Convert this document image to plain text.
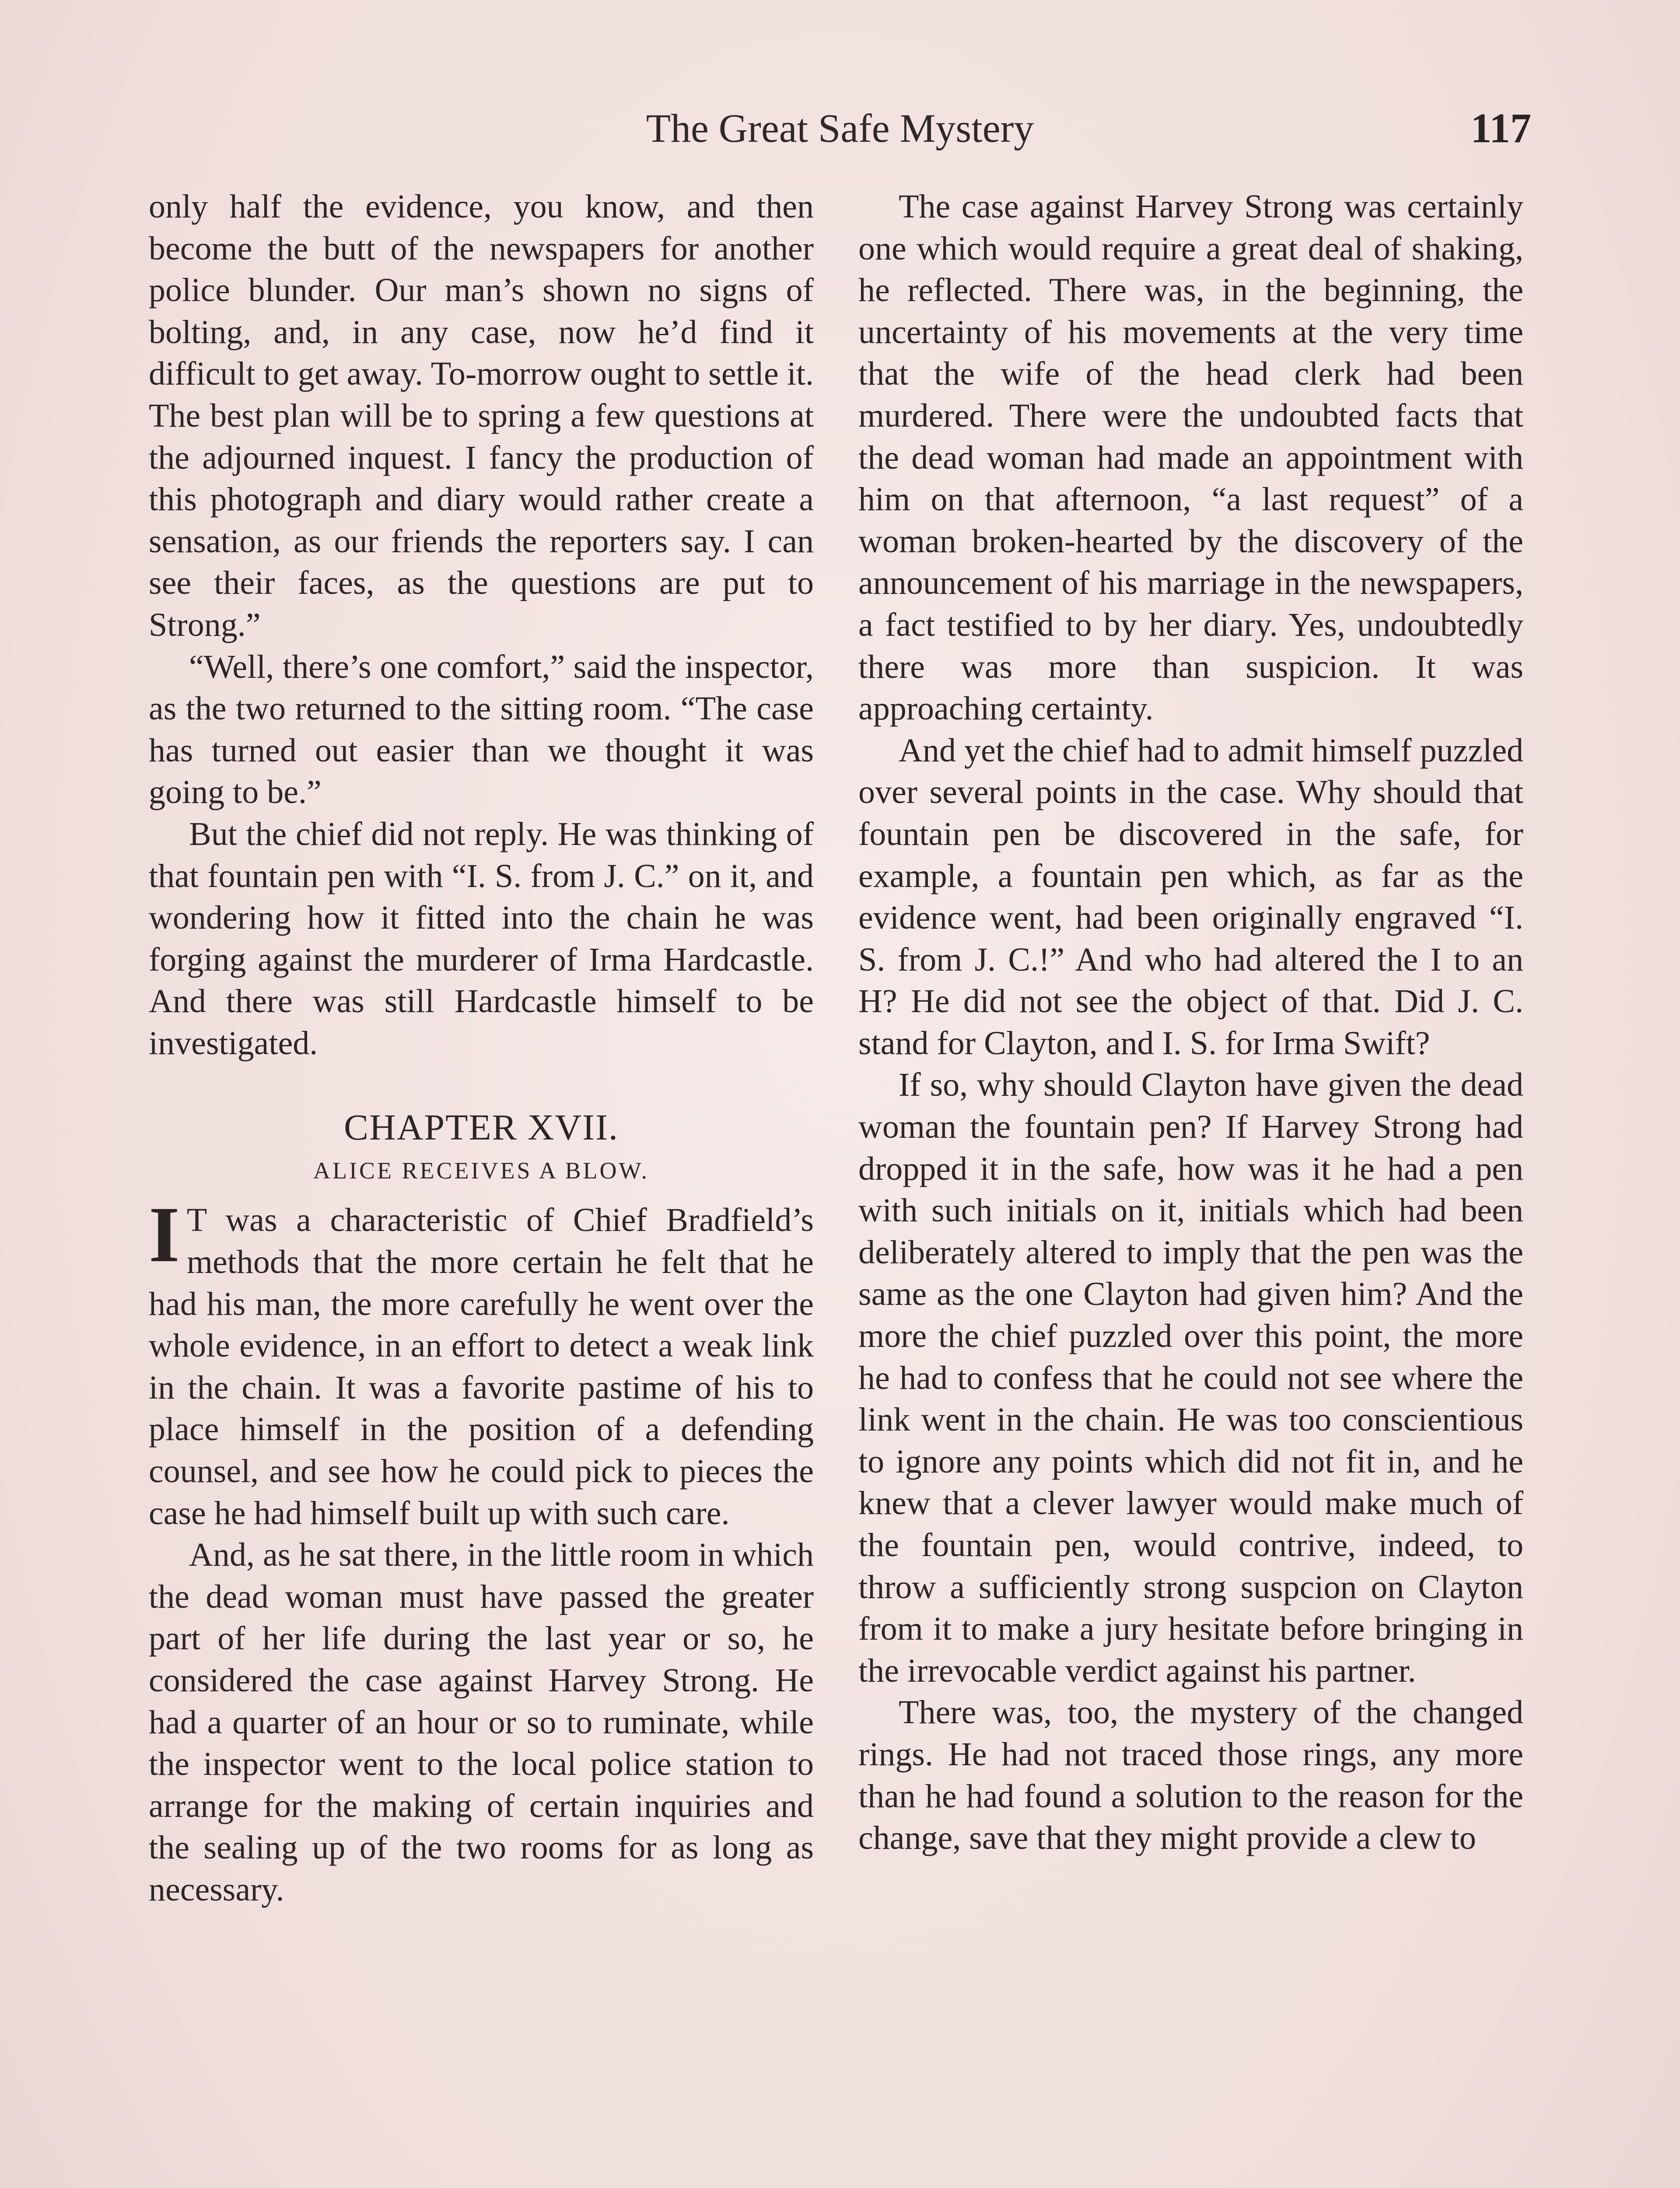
The Great Safe Mystery	117

only half the evidence, you know, and then become the butt of the newspapers for another police blunder. Our man’s shown no signs of bolting, and, in any case, now he’d find it difficult to get away. To-morrow ought to settle it. The best plan will be to spring a few questions at the adjourned inquest. I fancy the production of this photograph and diary would rather create a sensation, as our friends the reporters say. I can see their faces, as the questions are put to Strong.”

“Well, there’s one comfort,” said the inspector, as the two returned to the sitting room. “The case has turned out easier than we thought it was going to be.”

But the chief did not reply. He was thinking of that fountain pen with “I. S. from J. C.” on it, and wondering how it fitted into the chain he was forging against the murderer of Irma Hardcastle. And there was still Hardcastle himself to be investigated.

CHAPTER XVII.
ALICE RECEIVES A BLOW.

I T was a characteristic of Chief Bradfield’s methods that the more certain he felt that he had his man, the more carefully he went over the whole evidence, in an effort to detect a weak link in the chain. It was a favorite pastime of his to place himself in the position of a defending counsel, and see how he could pick to pieces the case he had himself built up with such care.

And, as he sat there, in the little room in which the dead woman must have passed the greater part of her life during the last year or so, he considered the case against Harvey Strong. He had a quarter of an hour or so to ruminate, while the inspector went to the local police station to arrange for the making of certain inquiries and the sealing up of the two rooms for as long as necessary.

The case against Harvey Strong was certainly one which would require a great deal of shaking, he reflected. There was, in the beginning, the uncertainty of his movements at the very time that the wife of the head clerk had been murdered. There were the undoubted facts that the dead woman had made an appointment with him on that afternoon, “a last request” of a woman broken-hearted by the discovery of the announcement of his marriage in the newspapers, a fact testified to by her diary. Yes, undoubtedly there was more than suspicion. It was approaching certainty.

And yet the chief had to admit himself puzzled over several points in the case. Why should that fountain pen be discovered in the safe, for example, a fountain pen which, as far as the evidence went, had been originally engraved “I. S. from J. C.!” And who had altered the I to an H? He did not see the object of that. Did J. C. stand for Clayton, and I. S. for Irma Swift?

If so, why should Clayton have given the dead woman the fountain pen? If Harvey Strong had dropped it in the safe, how was it he had a pen with such initials on it, initials which had been deliberately altered to imply that the pen was the same as the one Clayton had given him? And the more the chief puzzled over this point, the more he had to confess that he could not see where the link went in the chain. He was too conscientious to ignore any points which did not fit in, and he knew that a clever lawyer would make much of the fountain pen, would contrive, indeed, to throw a sufficiently strong suspcion on Clayton from it to make a jury hesitate before bringing in the irrevocable verdict against his partner.

There was, too, the mystery of the changed rings. He had not traced those rings, any more than he had found a solution to the reason for the change, save that they might provide a clew to
